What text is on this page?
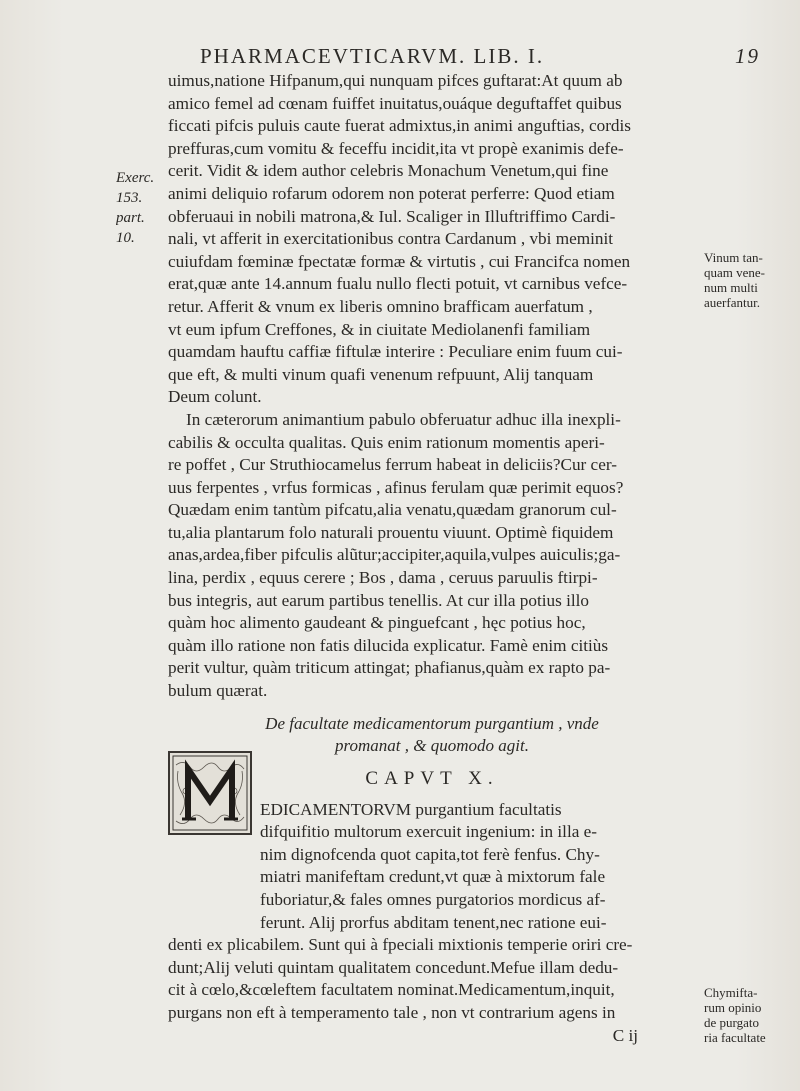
PHARMACEVTICARVM. LIB. I.	19
Exerc.
153.
part.
10.
Vinum tan-
quam vene-
num multi
auerfantur.
Chymifta-
rum opinio
de purgato
ria facultate
uimus,natione Hifpanum,qui nunquam pifces guftarat:At quum ab
amico femel ad cœnam fuiffet inuitatus,ouáque deguftaffet quibus
ficcati pifcis puluis caute fuerat admixtus,in animi anguftias, cordis
preffuras,cum vomitu & feceffu incidit,ita vt propè exanimis defe-
cerit. Vidit & idem author celebris Monachum Venetum,qui fine
animi deliquio rofarum odorem non poterat perferre: Quod etiam
obferuaui in nobili matrona,& Iul. Scaliger in Illuftriffimo Cardi-
nali, vt afferit in exercitationibus contra Cardanum , vbi meminit
cuiufdam fœminæ fpectatæ formæ & virtutis , cui Francifca nomen
erat,quæ ante 14.annum fualu nullo flecti potuit, vt carnibus vefce-
retur. Afferit & vnum ex liberis omnino brafficam auerfatum ,
vt eum ipfum Creffones, & in ciuitate Mediolanenfi familiam
quamdam hauftu caffiæ fiftulæ interire : Peculiare enim fuum cui-
que eft, & multi vinum quafi venenum refpuunt, Alij tanquam
Deum colunt.
In cæterorum animantium pabulo obferuatur adhuc illa inexpli-
cabilis & occulta qualitas. Quis enim rationum momentis aperi-
re poffet , Cur Struthiocamelus ferrum habeat in deliciis?Cur cer-
uus ferpentes , vrfus formicas , afinus ferulam quæ perimit equos?
Quædam enim tantùm pifcatu,alia venatu,quædam granorum cul-
tu,alia plantarum folo naturali prouentu viuunt. Optimè fiquidem
anas,ardea,fiber pifculis alũtur;accipiter,aquila,vulpes auiculis;ga-
lina, perdix , equus cerere ; Bos , dama , ceruus paruulis ftirpi-
bus integris, aut earum partibus tenellis. At cur illa potius illo
quàm hoc alimento gaudeant & pinguefcant , hęc potius hoc,
quàm illo ratione non fatis dilucida explicatur. Famè enim citiùs
perit vultur, quàm triticum attingat; phafianus,quàm ex rapto pa-
bulum quærat.
De facultate medicamentorum purgantium , vnde
promanat , & quomodo agit.
CAPVT X.
EDICAMENTORVM purgantium facultatis
difquifitio multorum exercuit ingenium: in illa e-
nim dignofcenda quot capita,tot ferè fenfus. Chy-
miatri manifeftam credunt,vt quæ à mixtorum fale
fuboriatur,& fales omnes purgatorios mordicus af-
ferunt. Alij prorfus abditam tenent,nec ratione eui-
denti ex plicabilem. Sunt qui à fpeciali mixtionis temperie oriri cre-
dunt;Alij veluti quintam qualitatem concedunt.Mefue illam dedu-
cit à cœlo,&cœleftem facultatem nominat.Medicamentum,inquit,
purgans non eft à temperamento tale , non vt contrarium agens in
C ij
